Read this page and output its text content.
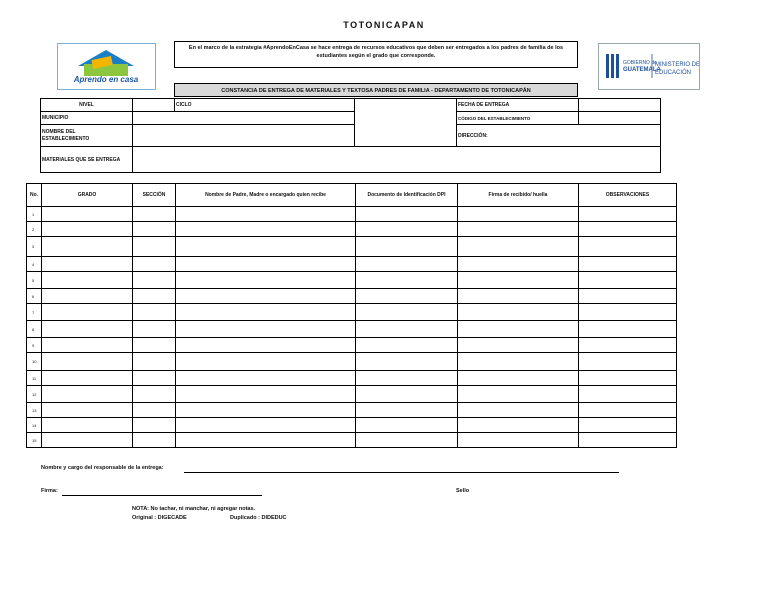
TOTONICAPAN
Aprendo en casa
En el marco de la estrategia #AprendoEnCasa se hace entrega de recursos educativos que deben ser entregados a los padres de familia de los
estudiantes según el grado que corresponde.
GOBIERNO de
GUATEMALA
MINISTERIO DE
EDUCACIÓN
CONSTANCIA DE ENTREGA DE MATERIALES Y TEXTOSA PADRES DE FAMILIA - DEPARTAMENTO DE TOTONICAPÁN
NIVEL		CICLO		FECHA DE ENTREGA	
MUNICIPIO				CÓDIGO DEL ESTABLECIMIENTO	

NOMBRE DEL
ESTABLECIMIENTO				DIRECCIÓN:	
MATERIALES QUE SE ENTREGA					
No.	GRADO	SECCIÓN	Nombre de Padre, Madre o encargado quien recibe	Documento de Identificación DPI	Firma de recibido/ huella	OBSERVACIONES
1						
2						
3						
4						
5						
6						
7						
8						
9						
10						
11						
12						
13						
14						
15						
Nombre y cargo del responsable de la entrega:
Firma:	Sello
NOTA: No tachar, ni manchar, ni agregar notas.
Original : DIGECADE	Duplicado : DIDEDUC
